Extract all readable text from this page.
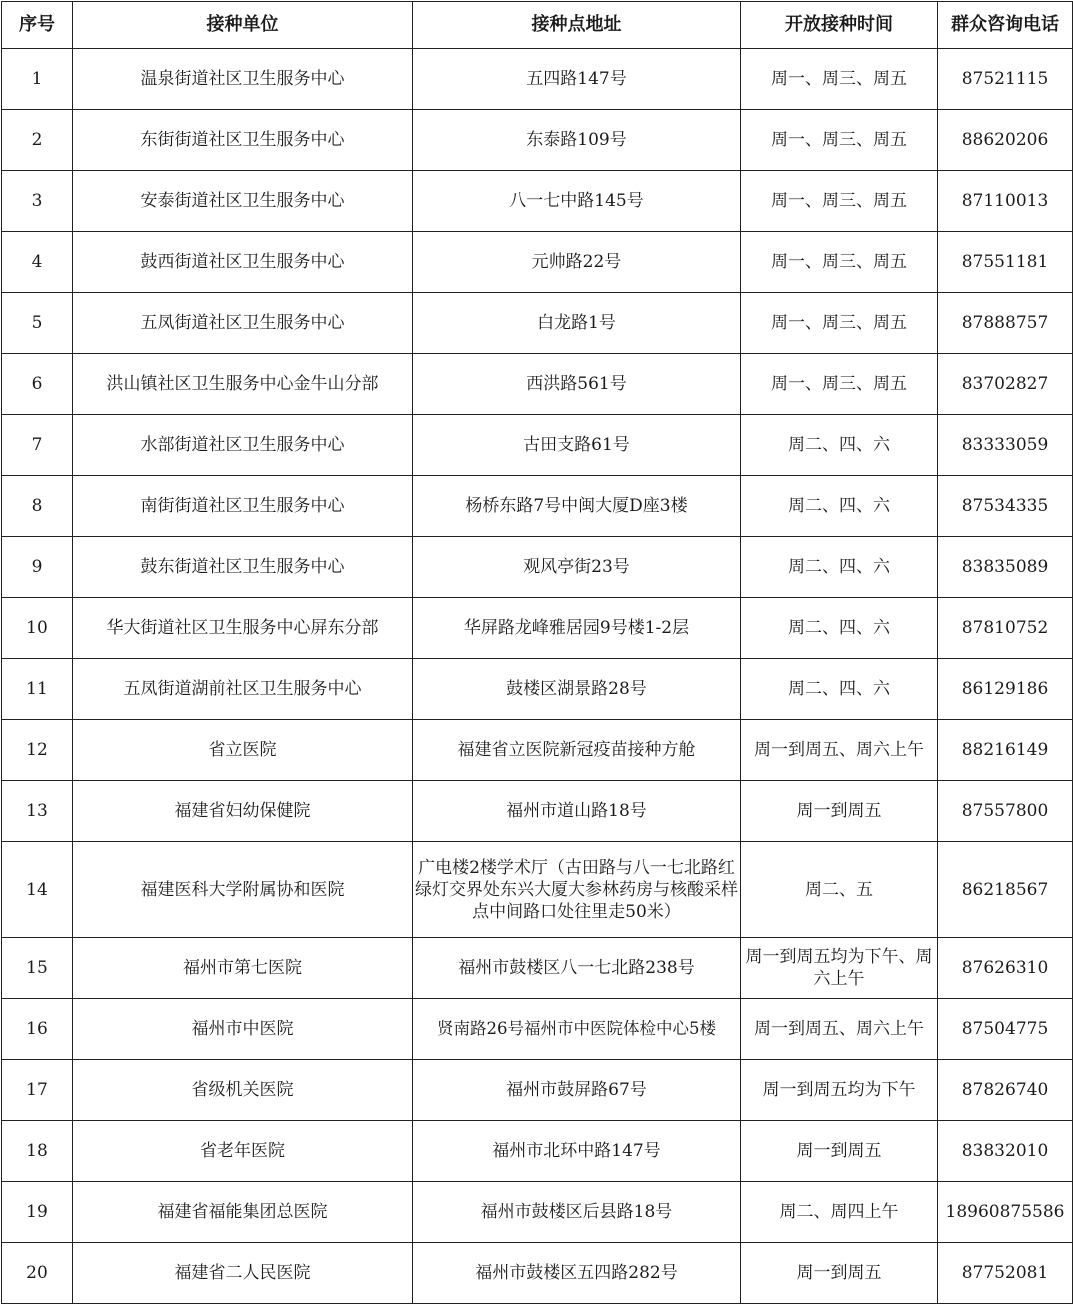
序号	接种单位	接种点地址	开放接种时间	群众咨询电话
1	温泉街道社区卫生服务中心	五四路147号	周一、周三、周五	87521115
2	东街街道社区卫生服务中心	东泰路109号	周一、周三、周五	88620206
3	安泰街道社区卫生服务中心	八一七中路145号	周一、周三、周五	87110013
4	鼓西街道社区卫生服务中心	元帅路22号	周一、周三、周五	87551181
5	五凤街道社区卫生服务中心	白龙路1号	周一、周三、周五	87888757
6	洪山镇社区卫生服务中心金牛山分部	西洪路561号	周一、周三、周五	83702827
7	水部街道社区卫生服务中心	古田支路61号	周二、四、六	83333059
8	南街街道社区卫生服务中心	杨桥东路7号中闽大厦D座3楼	周二、四、六	87534335
9	鼓东街道社区卫生服务中心	观风亭街23号	周二、四、六	83835089
10	华大街道社区卫生服务中心屏东分部	华屏路龙峰雅居园9号楼1-2层	周二、四、六	87810752
11	五凤街道湖前社区卫生服务中心	鼓楼区湖景路28号	周二、四、六	86129186
12	省立医院	福建省立医院新冠疫苗接种方舱	周一到周五、周六上午	88216149
13	福建省妇幼保健院	福州市道山路18号	周一到周五	87557800
14	福建医科大学附属协和医院	广电楼2楼学术厅（古田路与八一七北路红绿灯交界处东兴大厦大参林药房与核酸采样点中间路口处往里走50米）	周二、五	86218567
15	福州市第七医院	福州市鼓楼区八一七北路238号	周一到周五均为下午、周六上午	87626310
16	福州市中医院	贤南路26号福州市中医院体检中心5楼	周一到周五、周六上午	87504775
17	省级机关医院	福州市鼓屏路67号	周一到周五均为下午	87826740
18	省老年医院	福州市北环中路147号	周一到周五	83832010
19	福建省福能集团总医院	福州市鼓楼区后县路18号	周二、周四上午	18960875586
20	福建省二人民医院	福州市鼓楼区五四路282号	周一到周五	87752081
